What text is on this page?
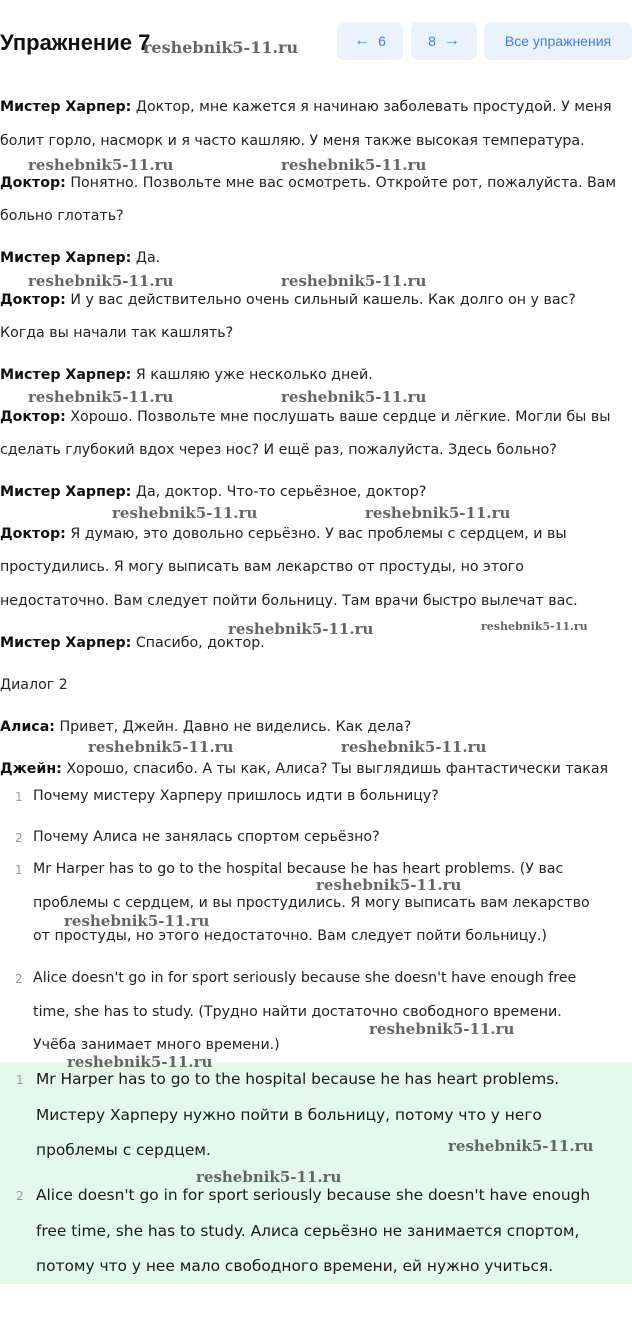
Мистер Харпер: Доктор, мне кажется я начинаю заболевать простудой. У меня

болит горло, насморк и я часто кашляю. У меня также высокая температура.

Доктор: Понятно. Позвольте мне вас осмотреть. Откройте рот, пожалуйста. Вам

больно глотать?

Мистер Харпер: Да.

Доктор: И у вас действительно очень сильный кашель. Как долго он у вас?

Когда вы начали так кашлять?

Мистер Харпер: Я кашляю уже несколько дней.

Доктор: Хорошо. Позвольте мне послушать ваше сердце и лёгкие. Могли бы вы

сделать глубокий вдох через нос? И ещё раз, пожалуйста. Здесь больно?

Мистер Харпер: Да, доктор. Что-то серьёзное, доктор?

Доктор: Я думаю, это довольно серьёзно. У вас проблемы с сердцем, и вы

простудились. Я могу выписать вам лекарство от простуды, но этого

недостаточно. Вам следует пойти больницу. Там врачи быстро вылечат вас.

Мистер Харпер: Спасибо, доктор.

Диалог 2

Алиса: Привет, Джейн. Давно не виделись. Как дела?

Джейн: Хорошо, спасибо. А ты как, Алиса? Ты выглядишь фантастически такая

1 Почему мистеру Харперу пришлось идти в больницу?
2 Почему Алиса не занялась спортом серьёзно?
1 Mr Harper has to go to the hospital because he has heart problems. (У вас
проблемы с сердцем, и вы простудились. Я могу выписать вам лекарство
от простуды, но этого недостаточно. Вам следует пойти больницу.)
2 Alice doesn't go in for sport seriously because she doesn't have enough free
time, she has to study. (Трудно найти достаточно свободного времени.
Учёба занимает много времени.)
1 Mr Harper has to go to the hospital because he has heart problems.
Мистеру Харперу нужно пойти в больницу, потому что у него
проблемы с сердцем.
2 Alice doesn't go in for sport seriously because she doesn't have enough
free time, she has to study. Алиса серьёзно не занимается спортом,
потому что у нее мало свободного времени, ей нужно учиться.
reshebnik5-11.ru	reshebnik5-11.ru
reshebnik5-11.ru	reshebnik5-11.ru
reshebnik5-11.ru	reshebnik5-11.ru
reshebnik5-11.ru	reshebnik5-11.ru
reshebnik5-11.ru
reshebnik5-11.ru	reshebnik5-11.ru
reshebnik5-11.ru
reshebnik5-11.ru
reshebnik5-11.ru
reshebnik5-11.ru
reshebnik5-11.ru
reshebnik5-11.ru
reshebnik5-11.ru
Упражнение 7
reshebnik5-11.ru	← 6	8 →	Все упражнения
